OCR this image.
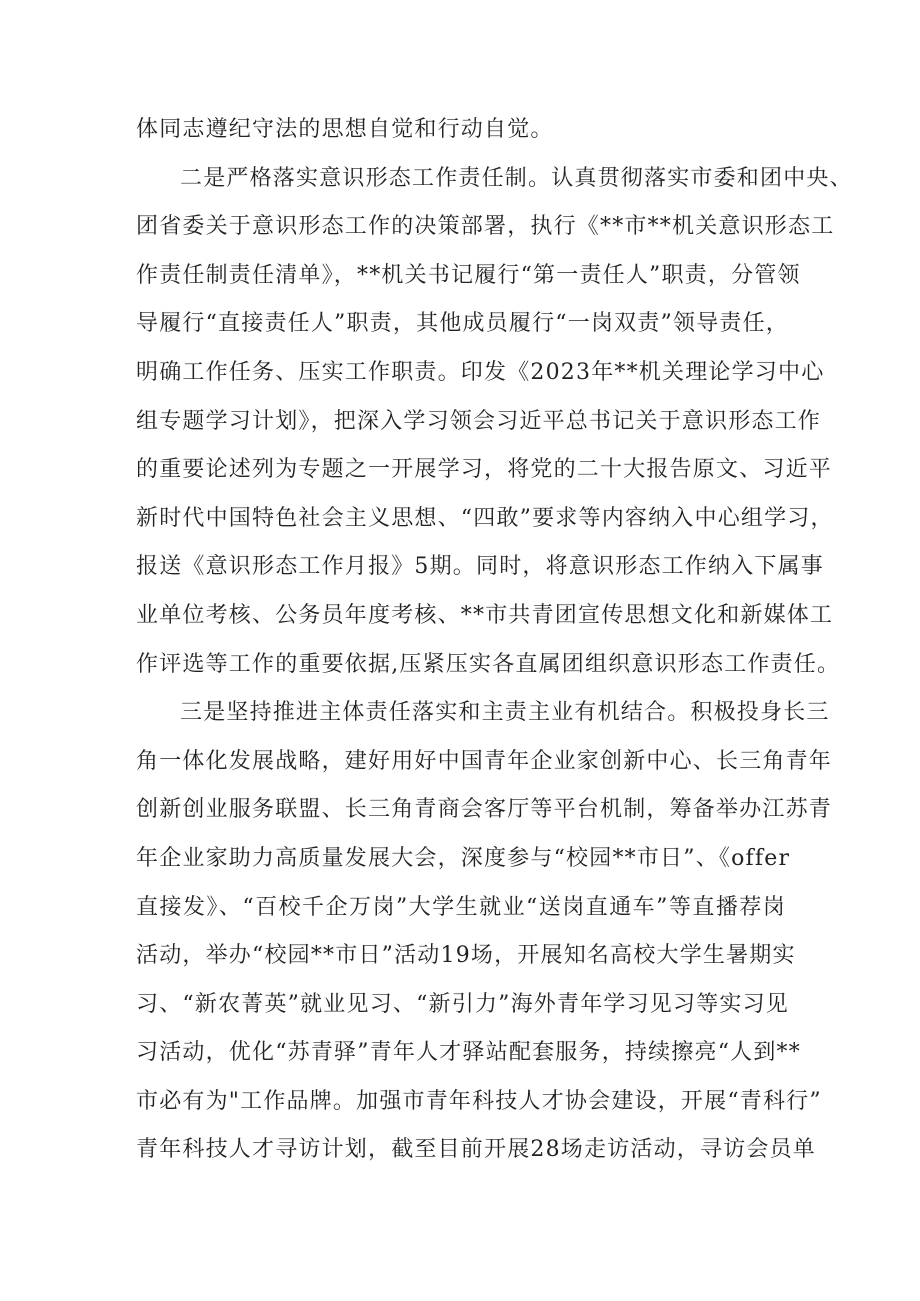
体同志遵纪守法的思想自觉和行动自觉。
二是严格落实意识形态工作责任制。认真贯彻落实市委和团中央、
团省委关于意识形态工作的决策部署，执行《**市**机关意识形态工
作责任制责任清单》，**机关书记履行“第一责任人”职责，分管领
导履行“直接责任人”职责，其他成员履行“一岗双责”领导责任，
明确工作任务、压实工作职责。印发《2023年**机关理论学习中心
组专题学习计划》，把深入学习领会习近平总书记关于意识形态工作
的重要论述列为专题之一开展学习，将党的二十大报告原文、习近平
新时代中国特色社会主义思想、“四敢”要求等内容纳入中心组学习，
报送《意识形态工作月报》5期。同时，将意识形态工作纳入下属事
业单位考核、公务员年度考核、**市共青团宣传思想文化和新媒体工
作评选等工作的重要依据,压紧压实各直属团组织意识形态工作责任。
三是坚持推进主体责任落实和主责主业有机结合。积极投身长三
角一体化发展战略，建好用好中国青年企业家创新中心、长三角青年
创新创业服务联盟、长三角青商会客厅等平台机制，筹备举办江苏青
年企业家助力高质量发展大会，深度参与“校园**市日”、《offer
直接发》、“百校千企万岗”大学生就业“送岗直通车”等直播荐岗
活动，举办“校园**市日”活动19场，开展知名高校大学生暑期实
习、“新农菁英”就业见习、“新引力”海外青年学习见习等实习见
习活动，优化“苏青驿”青年人才驿站配套服务，持续擦亮“人到**
市必有为"工作品牌。加强市青年科技人才协会建设，开展“青科行”
青年科技人才寻访计划，截至目前开展28场走访活动，寻访会员单
